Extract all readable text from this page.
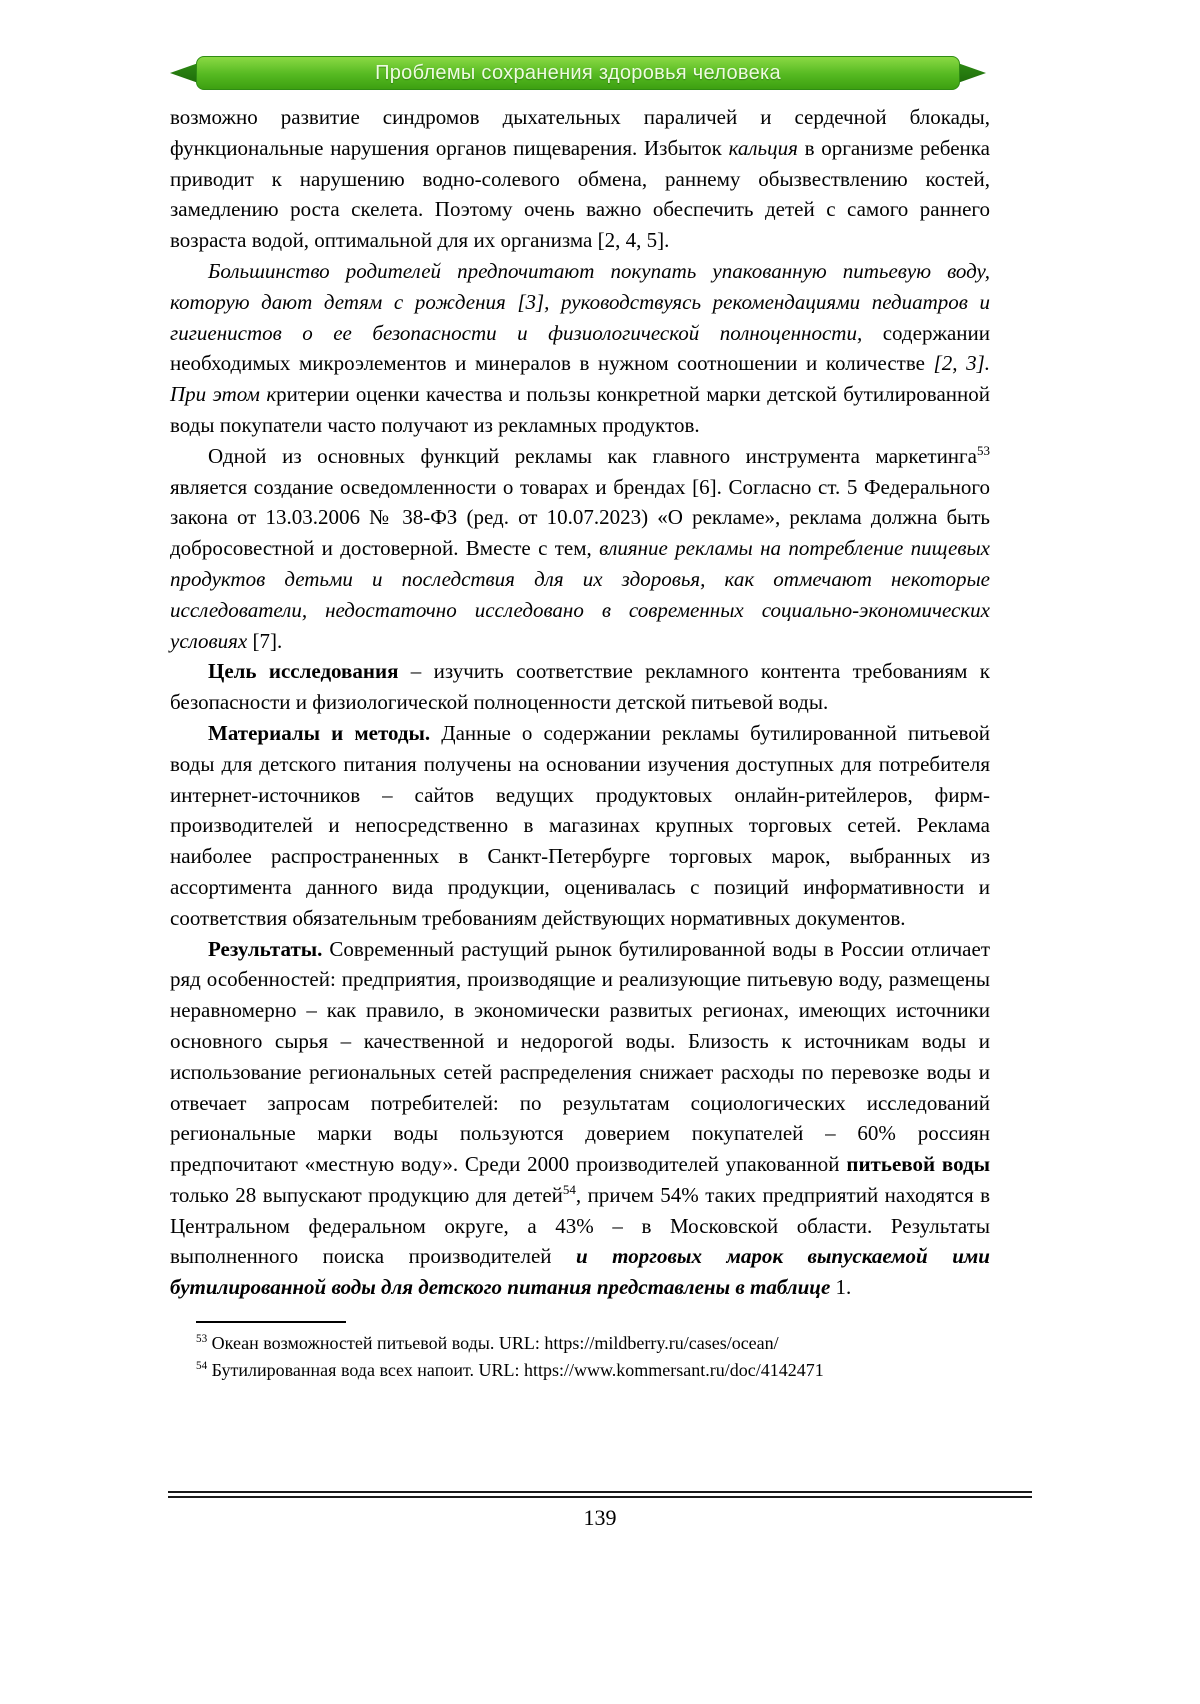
Проблемы сохранения здоровья человека

возможно развитие синдромов дыхательных параличей и сердечной блокады, функциональные нарушения органов пищеварения. Избыток кальция в организме ребенка приводит к нарушению водно-солевого обмена, раннему обызвествлению костей, замедлению роста скелета. Поэтому очень важно обеспечить детей с самого раннего возраста водой, оптимальной для их организма [2, 4, 5].

Большинство родителей предпочитают покупать упакованную питьевую воду, которую дают детям с рождения [3], руководствуясь рекомендациями педиатров и гигиенистов о ее безопасности и физиологической полноценности, содержании необходимых микроэлементов и минералов в нужном соотношении и количестве [2, 3]. При этом критерии оценки качества и пользы конкретной марки детской бутилированной воды покупатели часто получают из рекламных продуктов.

Одной из основных функций рекламы как главного инструмента маркетинга$^{53}$ является создание осведомленности о товарах и брендах [6]. Согласно ст. 5 Федерального закона от 13.03.2006 № 38-ФЗ (ред. от 10.07.2023) «О рекламе», реклама должна быть добросовестной и достоверной. Вместе с тем, влияние рекламы на потребление пищевых продуктов детьми и последствия для их здоровья, как отмечают некоторые исследователи, недостаточно исследовано в современных социально-экономических условиях [7].

Цель исследования – изучить соответствие рекламного контента требованиям к безопасности и физиологической полноценности детской питьевой воды.

Материалы и методы. Данные о содержании рекламы бутилированной питьевой воды для детского питания получены на основании изучения доступных для потребителя интернет-источников – сайтов ведущих продуктовых онлайн-ритейлеров, фирм-производителей и непосредственно в магазинах крупных торговых сетей. Реклама наиболее распространенных в Санкт-Петербурге торговых марок, выбранных из ассортимента данного вида продукции, оценивалась с позиций информативности и соответствия обязательным требованиям действующих нормативных документов.

Результаты. Современный растущий рынок бутилированной воды в России отличает ряд особенностей: предприятия, производящие и реализующие питьевую воду, размещены неравномерно – как правило, в экономически развитых регионах, имеющих источники основного сырья – качественной и недорогой воды. Близость к источникам воды и использование региональных сетей распределения снижает расходы по перевозке воды и отвечает запросам потребителей: по результатам социологических исследований региональные марки воды пользуются доверием покупателей – 60% россиян предпочитают «местную воду». Среди 2000 производителей упакованной питьевой воды только 28 выпускают продукцию для детей$^{54}$, причем 54% таких предприятий находятся в Центральном федеральном округе, а 43% – в Московской области. Результаты выполненного поиска производителей и торговых марок выпускаемой ими бутилированной воды для детского питания представлены в таблице 1.

$^{53}$ Океан возможностей питьевой воды. URL: https://mildberry.ru/cases/ocean/
$^{54}$ Бутилированная вода всех напоит. URL: https://www.kommersant.ru/doc/4142471
139
